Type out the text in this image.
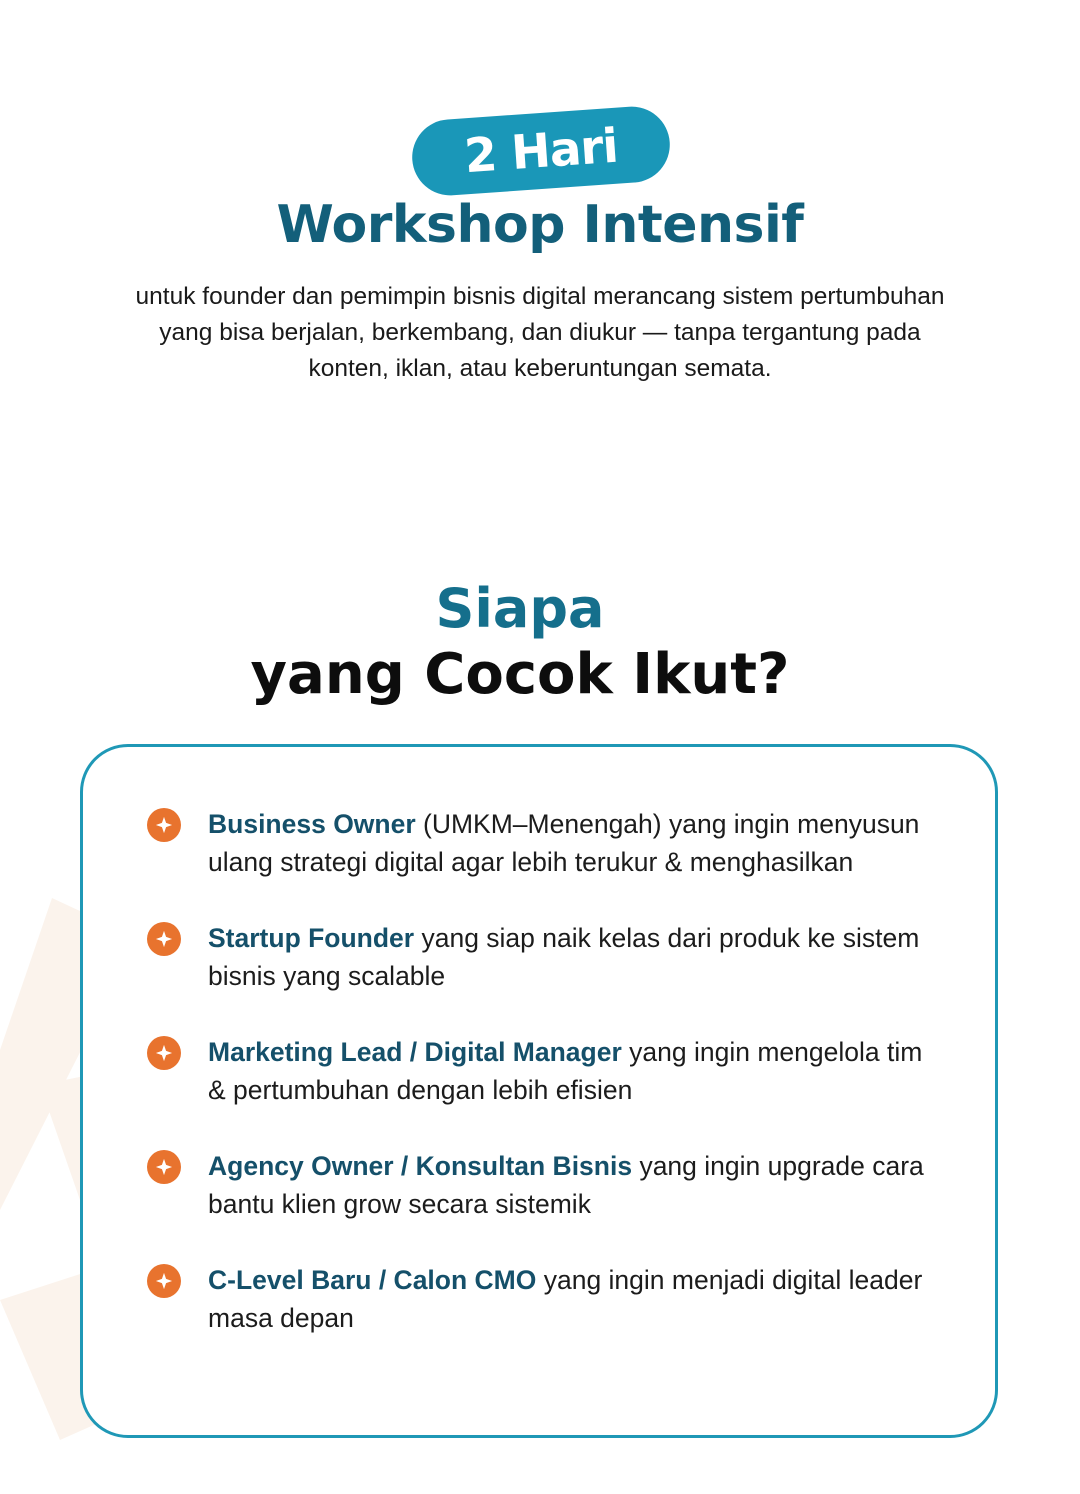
2 Hari
Workshop Intensif

untuk founder dan pemimpin bisnis digital merancang sistem pertumbuhan yang bisa berjalan, berkembang, dan diukur — tanpa tergantung pada konten, iklan, atau keberuntungan semata.

Siapa
yang Cocok Ikut?
Business Owner (UMKM–Menengah) yang ingin menyusun ulang strategi digital agar lebih terukur & menghasilkan
Startup Founder yang siap naik kelas dari produk ke sistem bisnis yang scalable
Marketing Lead / Digital Manager yang ingin mengelola tim & pertumbuhan dengan lebih efisien
Agency Owner / Konsultan Bisnis yang ingin upgrade cara bantu klien grow secara sistemik
C-Level Baru / Calon CMO yang ingin menjadi digital leader masa depan
